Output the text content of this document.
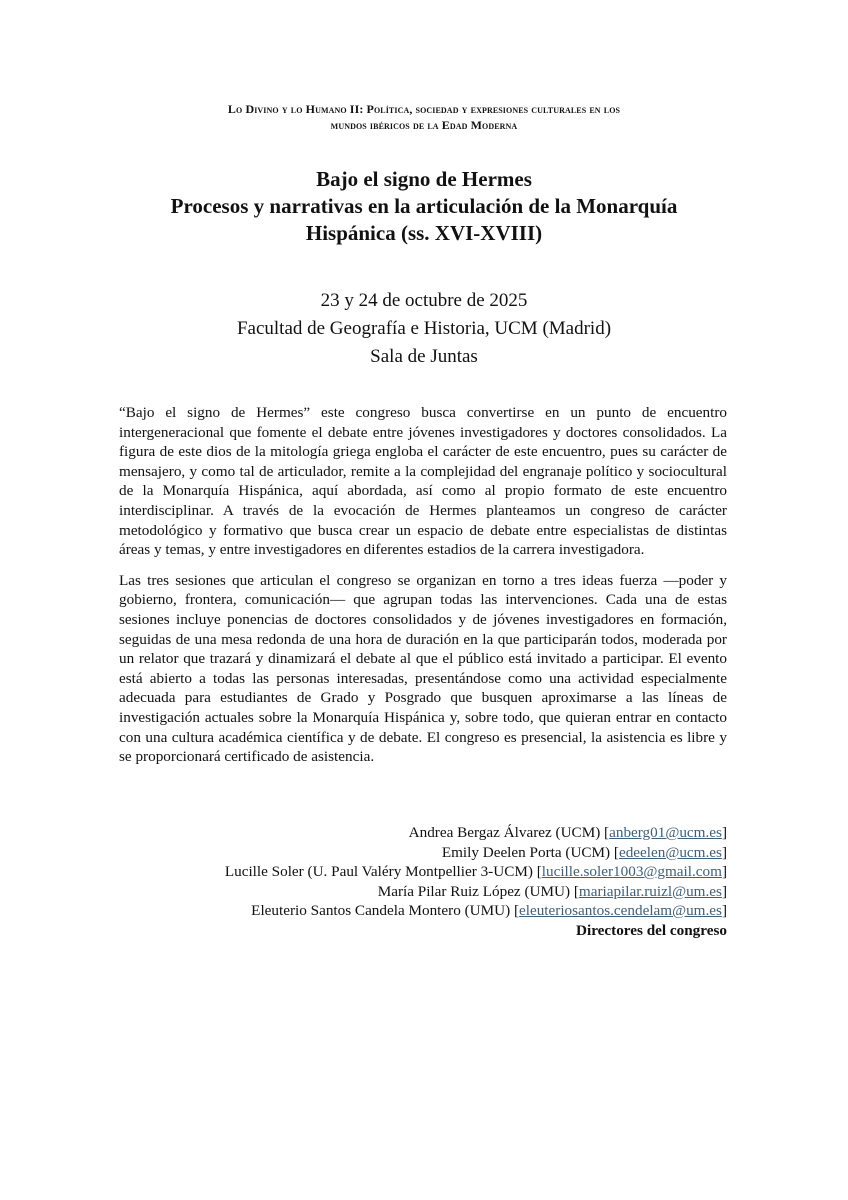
Lo Divino y lo Humano II: Política, sociedad y expresiones culturales en los
mundos ibéricos de la Edad Moderna
Bajo el signo de Hermes
Procesos y narrativas en la articulación de la Monarquía
Hispánica (ss. XVI-XVIII)
23 y 24 de octubre de 2025
Facultad de Geografía e Historia, UCM (Madrid)
Sala de Juntas

“Bajo el signo de Hermes” este congreso busca convertirse en un punto de encuentro intergeneracional que fomente el debate entre jóvenes investigadores y doctores consolidados. La figura de este dios de la mitología griega engloba el carácter de este encuentro, pues su carácter de mensajero, y como tal de articulador, remite a la complejidad del engranaje político y sociocultural de la Monarquía Hispánica, aquí abordada, así como al propio formato de este encuentro interdisciplinar. A través de la evocación de Hermes planteamos un congreso de carácter metodológico y formativo que busca crear un espacio de debate entre especialistas de distintas áreas y temas, y entre investigadores en diferentes estadios de la carrera investigadora.

Las tres sesiones que articulan el congreso se organizan en torno a tres ideas fuerza —poder y gobierno, frontera, comunicación— que agrupan todas las intervenciones. Cada una de estas sesiones incluye ponencias de doctores consolidados y de jóvenes investigadores en formación, seguidas de una mesa redonda de una hora de duración en la que participarán todos, moderada por un relator que trazará y dinamizará el debate al que el público está invitado a participar. El evento está abierto a todas las personas interesadas, presentándose como una actividad especialmente adecuada para estudiantes de Grado y Posgrado que busquen aproximarse a las líneas de investigación actuales sobre la Monarquía Hispánica y, sobre todo, que quieran entrar en contacto con una cultura académica científica y de debate. El congreso es presencial, la asistencia es libre y se proporcionará certificado de asistencia.

Andrea Bergaz Álvarez (UCM) [anberg01@ucm.es]
Emily Deelen Porta (UCM) [edeelen@ucm.es]
Lucille Soler (U. Paul Valéry Montpellier 3-UCM) [lucille.soler1003@gmail.com]
María Pilar Ruiz López (UMU) [mariapilar.ruizl@um.es]
Eleuterio Santos Candela Montero (UMU) [eleuteriosantos.cendelam@um.es]
Directores del congreso
